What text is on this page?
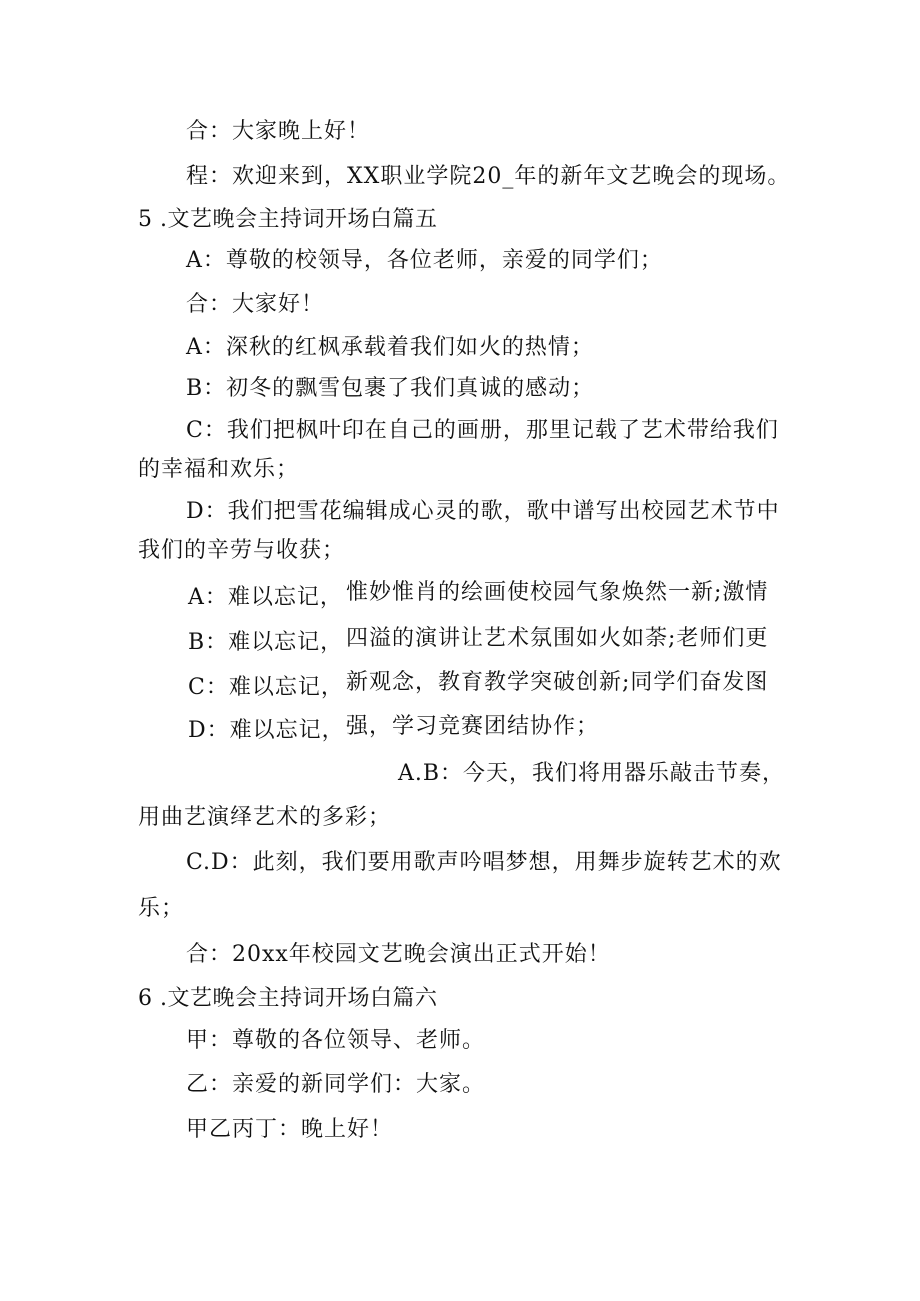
合：大家晚上好！
程：欢迎来到，XX职业学院20_年的新年文艺晚会的现场。
5 .文艺晚会主持词开场白篇五
A：尊敬的校领导，各位老师，亲爱的同学们；
合：大家好！
A：深秋的红枫承载着我们如火的热情；
B：初冬的飘雪包裹了我们真诚的感动；
C：我们把枫叶印在自己的画册，那里记载了艺术带给我们
的幸福和欢乐；
D：我们把雪花编辑成心灵的歌，歌中谱写出校园艺术节中
我们的辛劳与收获；
A：难以忘记， 惟妙惟肖的绘画使校园气象焕然一新;激情
B：难以忘记， 四溢的演讲让艺术氛围如火如荼;老师们更
C：难以忘记， 新观念，教育教学突破创新;同学们奋发图
D：难以忘记， 强，学习竞赛团结协作；
A.B：今天，我们将用器乐敲击节奏，
用曲艺演绎艺术的多彩；
C.D：此刻，我们要用歌声吟唱梦想，用舞步旋转艺术的欢
乐；
合：20xx年校园文艺晚会演出正式开始！
6 .文艺晚会主持词开场白篇六
甲：尊敬的各位领导、老师。
乙：亲爱的新同学们：大家。
甲乙丙丁：晚上好！
